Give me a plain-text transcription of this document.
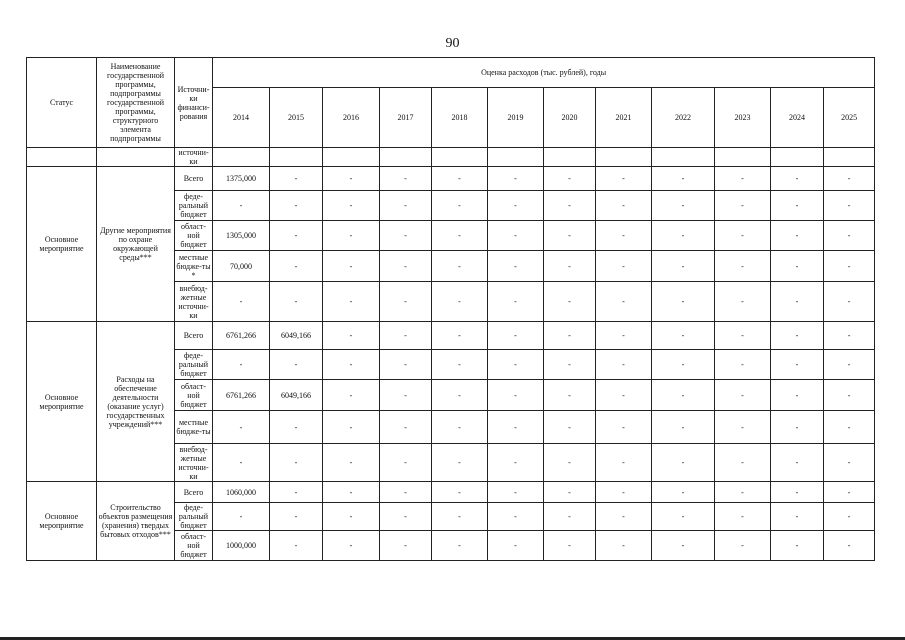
90
Статус	Наименование государственной программы, подпрограммы государственной программы, структурного элемента подпрограммы	Источни-ки финанси-рования	Оценка расходов (тыс. рублей), годы											
			2014	2015	2016	2017	2018	2019	2020	2021	2022	2023	2024	2025
		источни-ки												
Основное мероприятие	Другие мероприятия по охране окружающей среды***	Всего	1375,000	-	-	-	-	-	-	-	-	-	-	-
		феде-ральный бюджет	-	-	-	-	-	-	-	-	-	-	-	-
		област-ной бюджет	1305,000	-	-	-	-	-	-	-	-	-	-	-
		местные бюдже-ты *	70,000	-	-	-	-	-	-	-	-	-	-	-
		внебюд-жетные источни-ки	-	-	-	-	-	-	-	-	-	-	-	-
Основное мероприятие	Расходы на обеспечение деятельности (оказание услуг) государственных учреждений***	Всего	6761,266	6049,166	-	-	-	-	-	-	-	-	-	-
		феде-ральный бюджет	-	-	-	-	-	-	-	-	-	-	-	-
		област-ной бюджет	6761,266	6049,166	-	-	-	-	-	-	-	-	-	-
		местные бюдже-ты	-	-	-	-	-	-	-	-	-	-	-	-
		внебюд-жетные источни-ки	-	-	-	-	-	-	-	-	-	-	-	-
Основное мероприятие	Строительство объектов размещения (хранения) твердых бытовых отходов***	Всего	1060,000	-	-	-	-	-	-	-	-	-	-	-
		феде-ральный бюджет	-	-	-	-	-	-	-	-	-	-	-	-
		област-ной бюджет	1000,000	-	-	-	-	-	-	-	-	-	-	-
